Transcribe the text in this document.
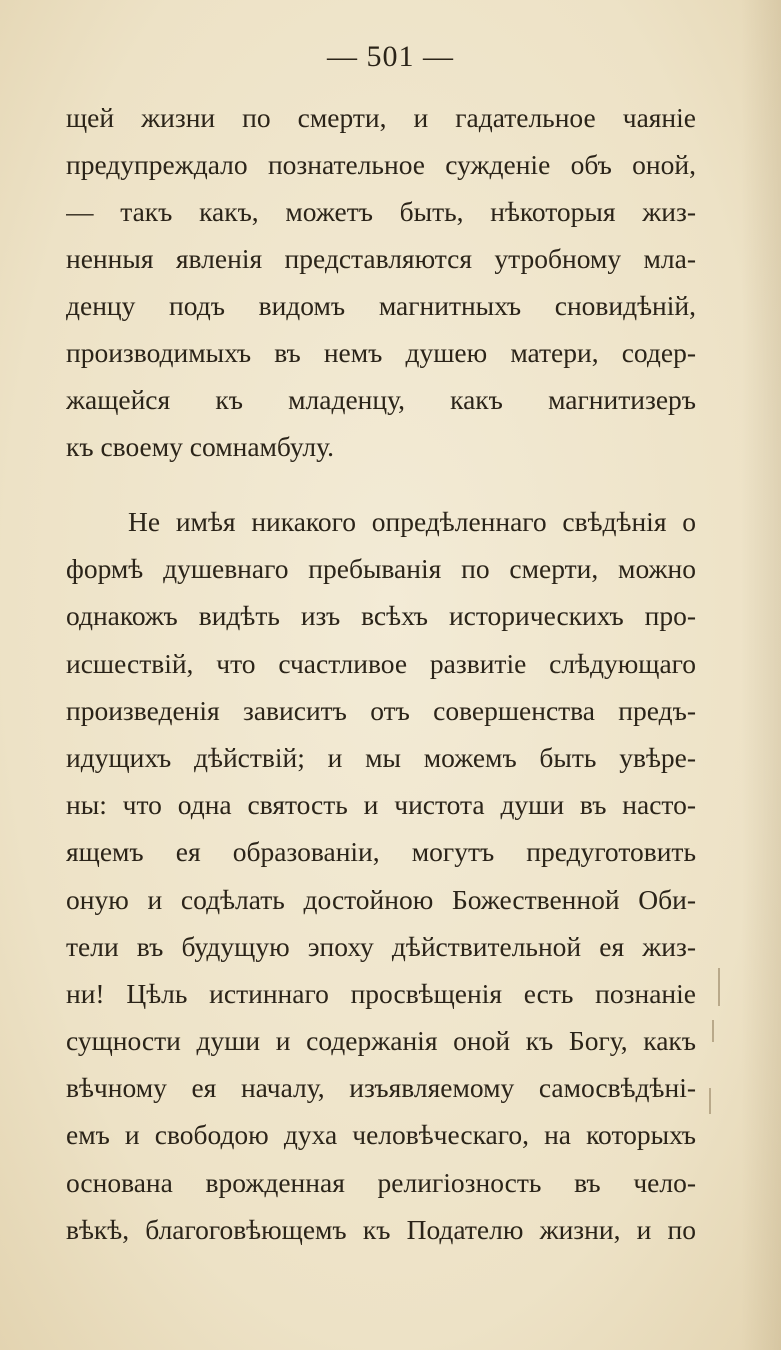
— 501 —
щей жизни по смерти, и гадательное чаяніе
предупреждало познательное сужденіе объ оной,
— такъ какъ, можетъ быть, нѣкоторыя жиз-
ненныя явленія представляются утробному мла-
денцу подъ видомъ магнитныхъ сновидѣній,
производимыхъ въ немъ душею матери, содер-
жащейся къ младенцу, какъ магнитизеръ
къ своему сомнамбулу.
Не имѣя никакого опредѣленнаго свѣдѣнія о
формѣ душевнаго пребыванія по смерти, можно
однакожъ видѣть изъ всѣхъ историческихъ про-
исшествій, что счастливое развитіе слѣдующаго
произведенія зависитъ отъ совершенства предъ-
идущихъ дѣйствій; и мы можемъ быть увѣре-
ны: что одна святость и чистота души въ насто-
ящемъ ея образованіи, могутъ предуготовить
оную и содѣлать достойною Божественной Оби-
тели въ будущую эпоху дѣйствительной ея жиз-
ни! Цѣль истиннаго просвѣщенія есть познаніе
сущности души и содержанія оной къ Богу, какъ
вѣчному ея началу, изъявляемому самосвѣдѣні-
емъ и свободою духа человѣческаго, на которыхъ
основана врожденная религіозность въ чело-
вѣкѣ, благоговѣющемъ къ Подателю жизни, и по
